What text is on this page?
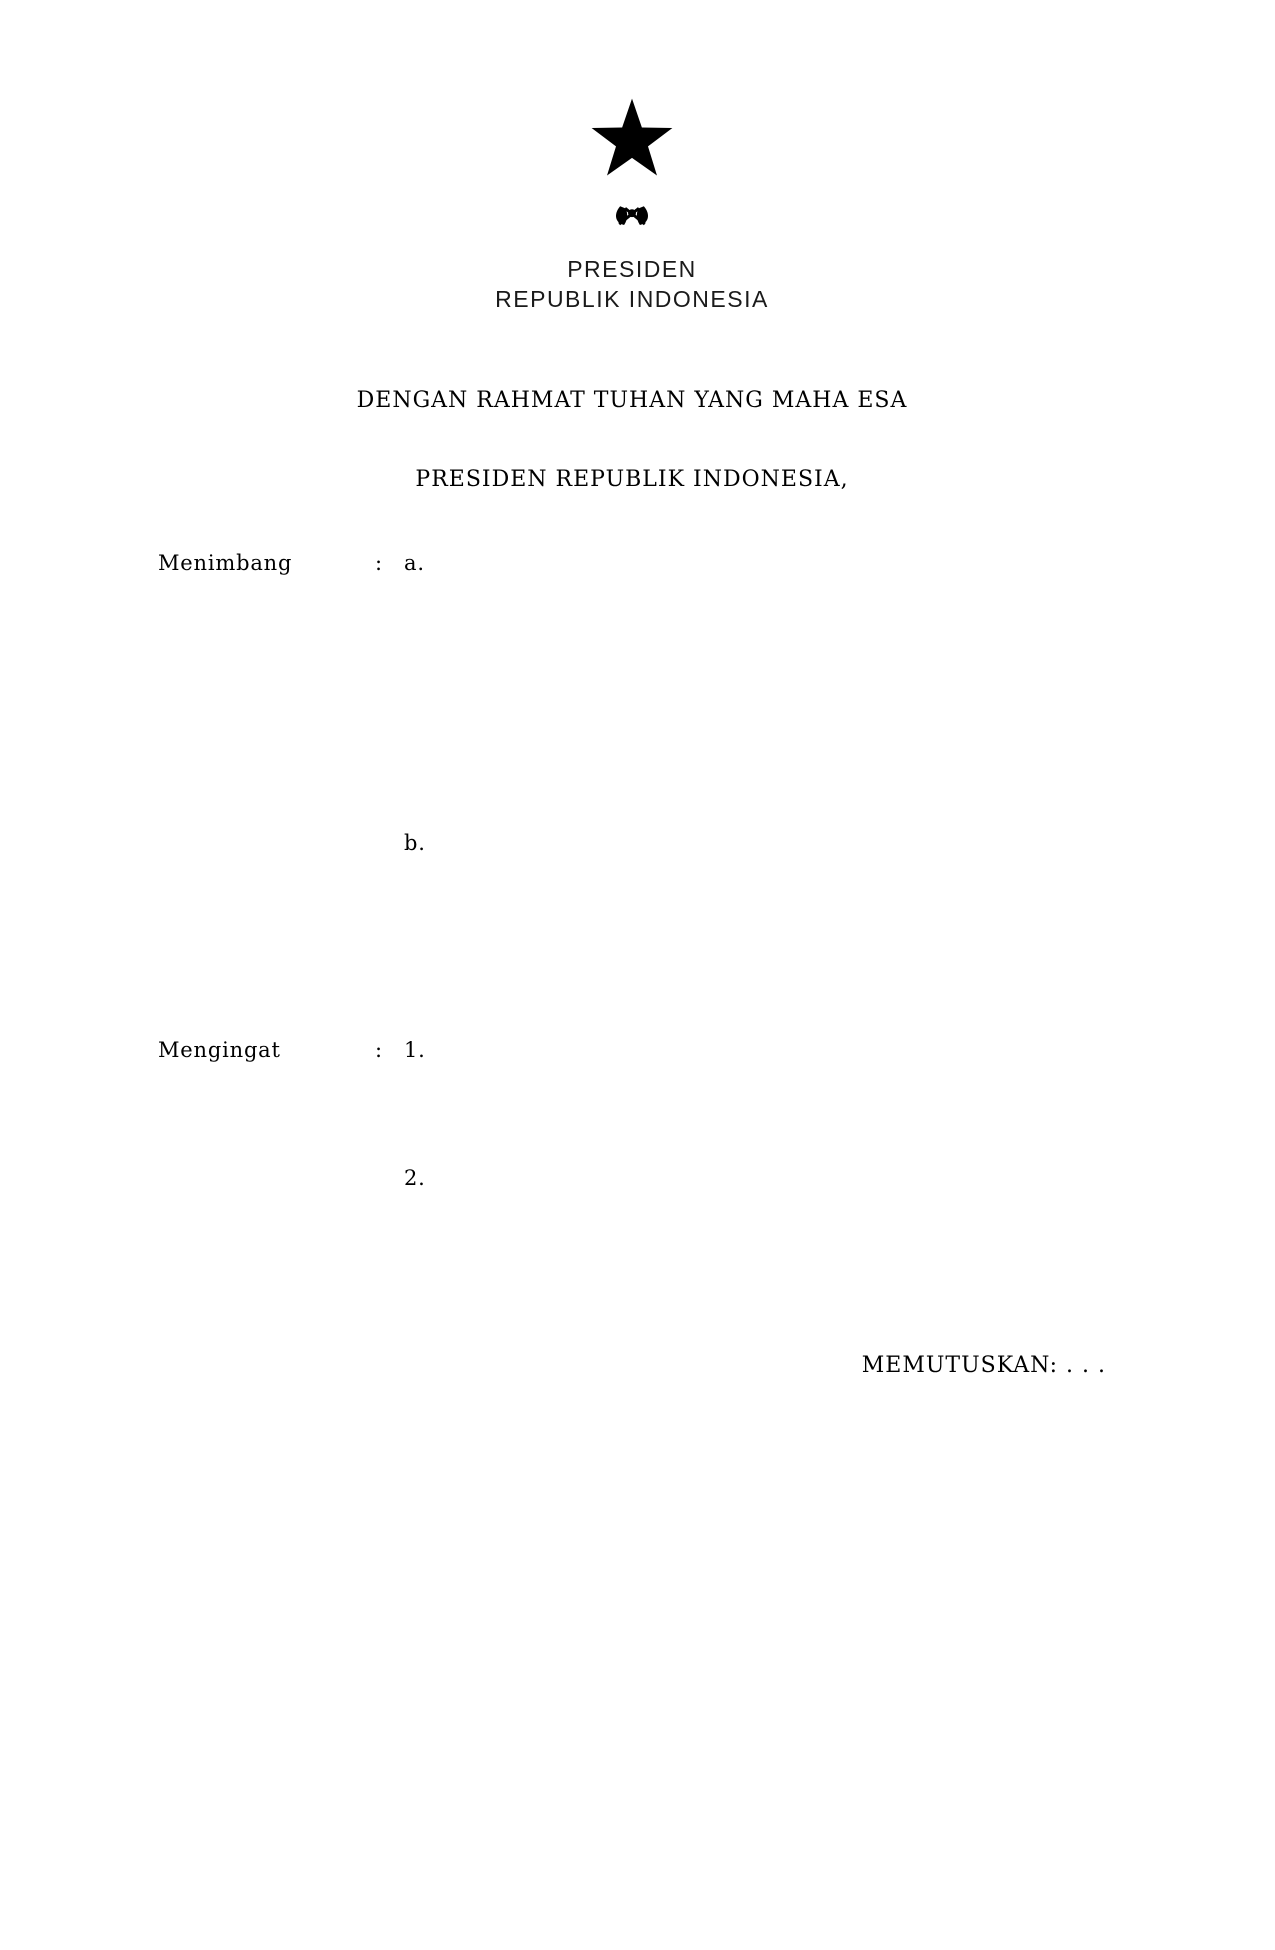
PRESIDEN
REPUBLIK INDONESIA
DENGAN RAHMAT TUHAN YANG MAHA ESA
PRESIDEN REPUBLIK INDONESIA,
Menimbang	:	a.
b.
Mengingat	:	1.
2.
MEMUTUSKAN: . . .
